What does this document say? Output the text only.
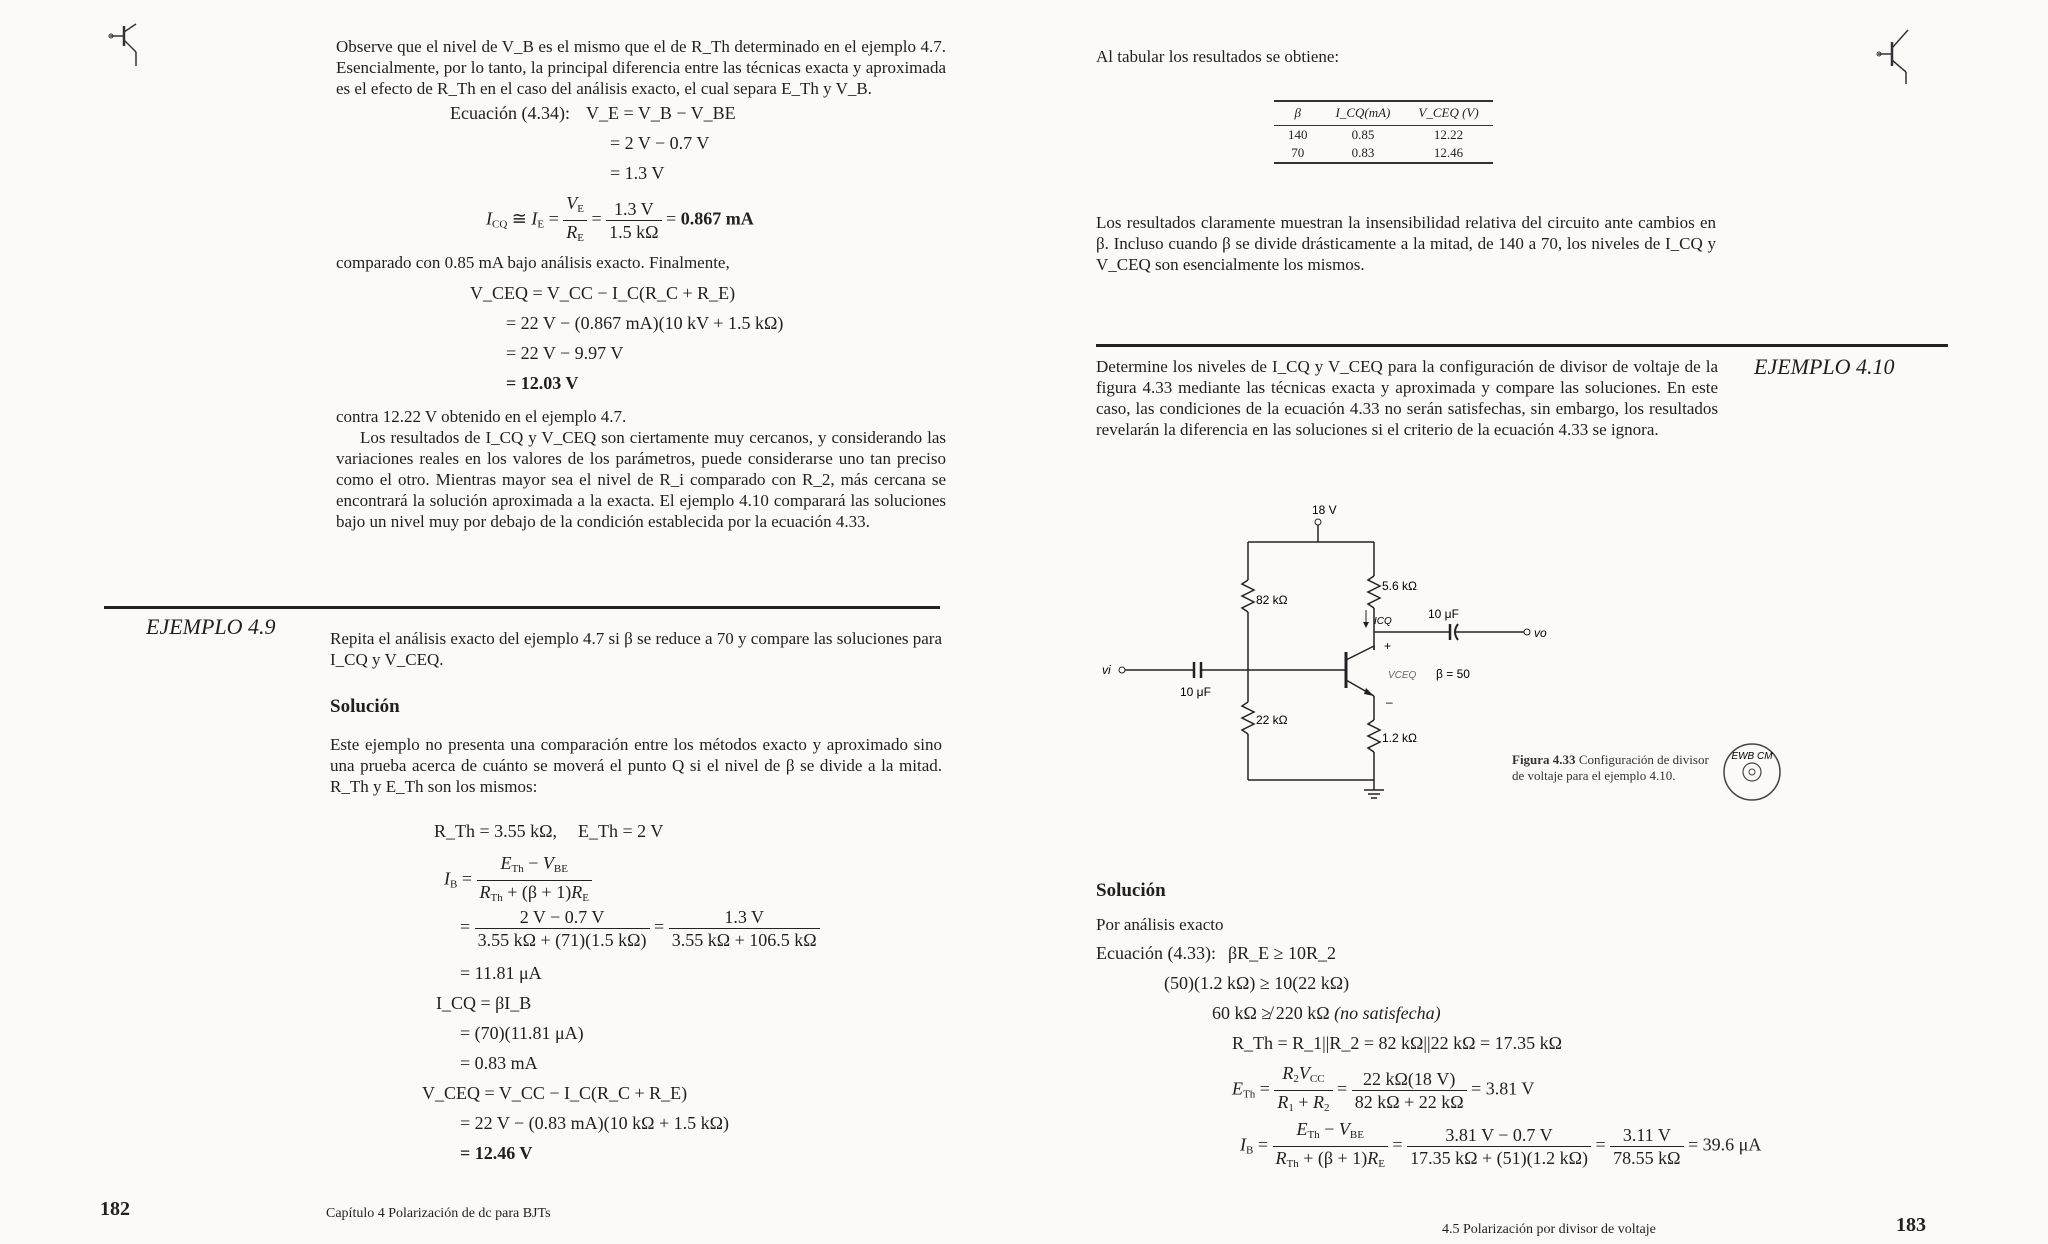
Observe que el nivel de V_B es el mismo que el de R_Th determinado en el ejemplo 4.7. Esencialmente, por lo tanto, la principal diferencia entre las técnicas exacta y aproximada es el efecto de R_Th en el caso del análisis exacto, el cual separa E_Th y V_B.

Ecuación (4.34): V_E = V_B − V_BE
= 2 V − 0.7 V
= 1.3 V
$I_{CQ}$ ≅ $I_E = \frac{V_E}{R_E} = \frac{1.3 V}{1.5 k\Omega} = 0.867$ mA

comparado con 0.85 mA bajo análisis exacto. Finalmente,

V_CEQ = V_CC − I_C(R_C + R_E)
= 22 V − (0.867 mA)(10 kV + 1.5 kΩ)
= 22 V − 9.97 V
= 12.03 V

contra 12.22 V obtenido en el ejemplo 4.7.

Los resultados de I_CQ y V_CEQ son ciertamente muy cercanos, y considerando las variaciones reales en los valores de los parámetros, puede considerarse uno tan preciso como el otro. Mientras mayor sea el nivel de R_i comparado con R_2, más cercana se encontrará la solución aproximada a la exacta. El ejemplo 4.10 comparará las soluciones bajo un nivel muy por debajo de la condición establecida por la ecuación 4.33.

EJEMPLO 4.9	Repita el análisis exacto del ejemplo 4.7 si β se reduce a 70 y compare las soluciones para I_CQ y V_CEQ.

Solución

Este ejemplo no presenta una comparación entre los métodos exacto y aproximado sino una prueba acerca de cuánto se moverá el punto Q si el nivel de β se divide a la mitad. R_Th y E_Th son los mismos:

R_Th = 3.55 kΩ, E_Th = 2 V
$I_B = \frac{E_{Th} - V_{BE}}{R_{Th} + (\beta + 1)R_E}$
= $\frac{2 V - 0.7 V}{3.55 k\Omega + (71)(1.5 k\Omega)} = \frac{1.3 V}{3.55 k\Omega + 106.5 k\Omega}$
= 11.81 μA
I_CQ = βI_B
= (70)(11.81 μA)
= 0.83 mA
V_CEQ = V_CC − I_C(R_C + R_E)
= 22 V − (0.83 mA)(10 kΩ + 1.5 kΩ)
= 12.46 V
182	Capítulo 4 Polarización de dc para BJTs

Al tabular los resultados se obtiene:

β	I_CQ(mA)	V_CEQ (V)
140	0.85	12.22
70	0.83	12.46

Los resultados claramente muestran la insensibilidad relativa del circuito ante cambios en β. Incluso cuando β se divide drásticamente a la mitad, de 140 a 70, los niveles de I_CQ y V_CEQ son esencialmente los mismos.

Determine los niveles de I_CQ y V_CEQ para la configuración de divisor de voltaje de la figura 4.33 mediante las técnicas exacta y aproximada y compare las soluciones. En este caso, las condiciones de la ecuación 4.33 no serán satisfechas, sin embargo, los resultados revelarán la diferencia en las soluciones si el criterio de la ecuación 4.33 se ignora.

EJEMPLO 4.10
18 V
82 kΩ
5.6 kΩ
ICQ
10 μF
vo
+
VCEQ β = 50
–
vi
10 μF
22 kΩ
1.2 kΩ
Figura 4.33 Configuración de divisor de voltaje para el ejemplo 4.10.
EWB CM
Solución

Por análisis exacto

Ecuación (4.33): βR_E ≥ 10R_2
(50)(1.2 kΩ) ≥ 10(22 kΩ)
60 kΩ ≱ 220 kΩ (no satisfecha)
R_Th = R_1||R_2 = 82 kΩ||22 kΩ = 17.35 kΩ
$E_{Th} = \frac{R_2V_{CC}}{R_1 + R_2} = \frac{22 k\Omega(18 V)}{82 k\Omega + 22 k\Omega} = 3.81$ V
$I_B = \frac{E_{Th} - V_{BE}}{R_{Th} + (\beta + 1)R_E} = \frac{3.81 V - 0.7 V}{17.35 k\Omega + (51)(1.2 k\Omega)} = \frac{3.11 V}{78.55 k\Omega} = 39.6$ μA
4.5 Polarización por divisor de voltaje	183
